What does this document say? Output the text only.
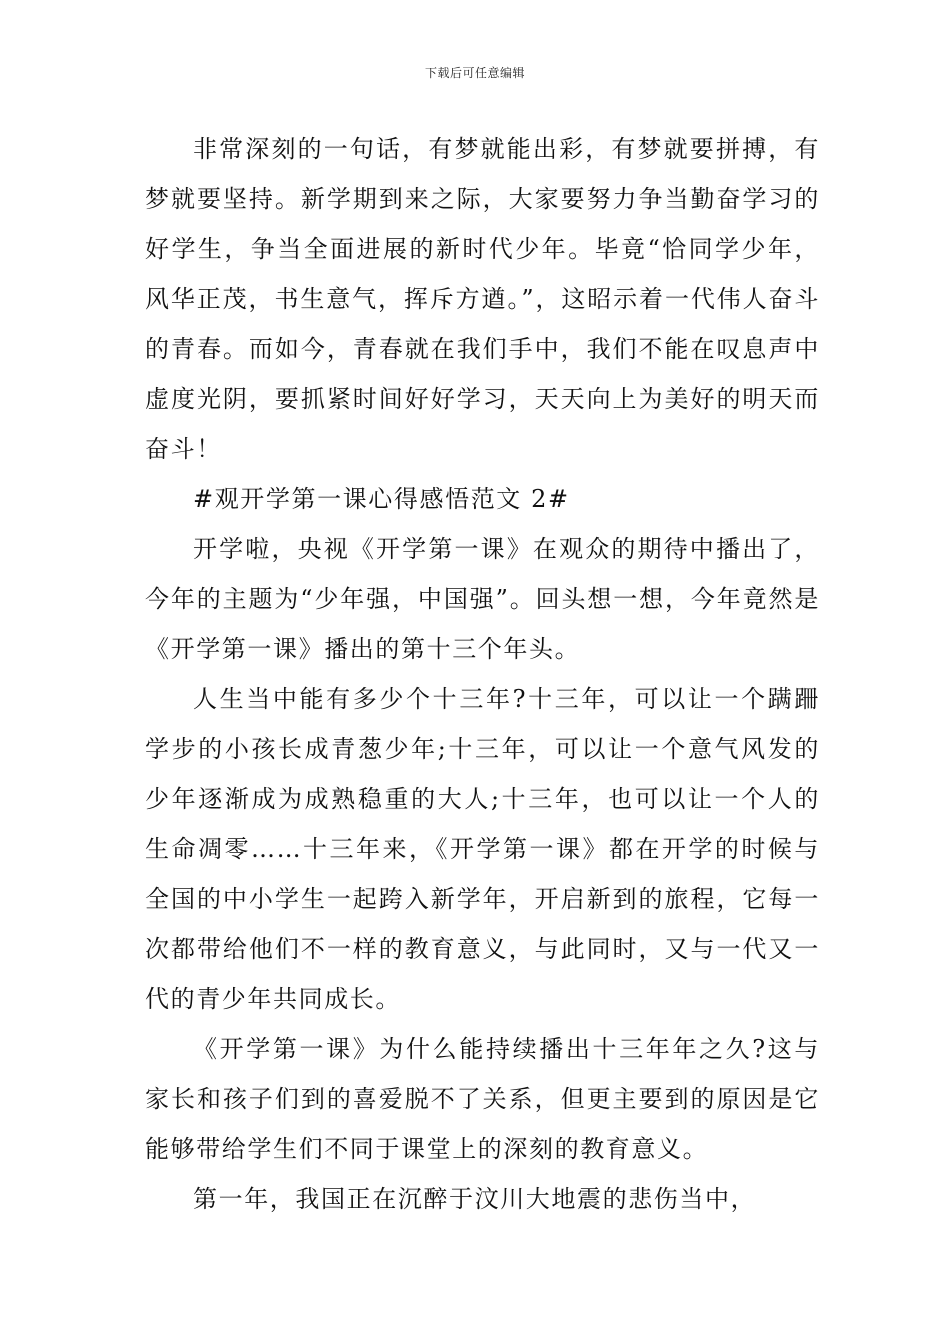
下载后可任意编辑

非常深刻的一句话，有梦就能出彩，有梦就要拼搏，有梦就要坚持。新学期到来之际，大家要努力争当勤奋学习的好学生，争当全面进展的新时代少年。毕竟“恰同学少年，风华正茂，书生意气，挥斥方遒。”，这昭示着一代伟人奋斗的青春。而如今，青春就在我们手中，我们不能在叹息声中虚度光阴，要抓紧时间好好学习，天天向上为美好的明天而奋斗！

#观开学第一课心得感悟范文 2#

开学啦，央视《开学第一课》在观众的期待中播出了，今年的主题为“少年强，中国强”。回头想一想，今年竟然是《开学第一课》播出的第十三个年头。

人生当中能有多少个十三年?十三年，可以让一个蹒跚学步的小孩长成青葱少年;十三年，可以让一个意气风发的少年逐渐成为成熟稳重的大人;十三年，也可以让一个人的生命凋零……十三年来，《开学第一课》都在开学的时候与全国的中小学生一起跨入新学年，开启新到的旅程，它每一次都带给他们不一样的教育意义，与此同时，又与一代又一代的青少年共同成长。

《开学第一课》为什么能持续播出十三年年之久?这与家长和孩子们到的喜爱脱不了关系，但更主要到的原因是它能够带给学生们不同于课堂上的深刻的教育意义。

第一年，我国正在沉醉于汶川大地震的悲伤当中，
